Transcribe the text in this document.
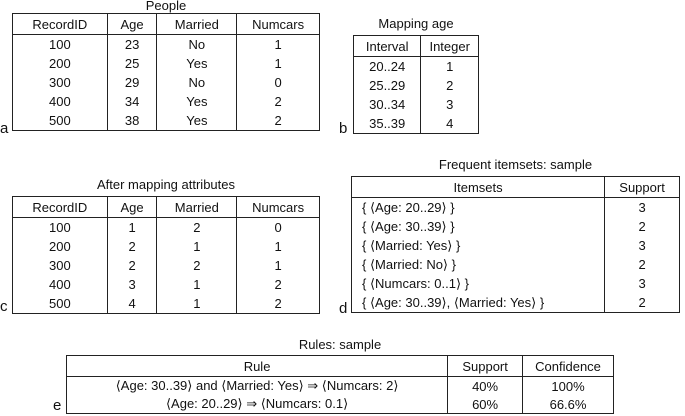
People
RecordID	Age	Married	Numcars
100	23	No	1
200	25	Yes	1
300	29	No	0
400	34	Yes	2
500	38	Yes	2
a
Mapping age
Interval	Integer
20..24	1
25..29	2
30..34	3
35..39	4
b
After mapping attributes
RecordID	Age	Married	Numcars
100	1	2	0
200	2	1	1
300	2	2	1
400	3	1	2
500	4	1	2
c
Frequent itemsets: sample
Itemsets	Support
{ ⟨Age: 20..29⟩ }	3
{ ⟨Age: 30..39⟩ }	2
{ ⟨Married: Yes⟩ }	3
{ ⟨Married: No⟩ }	2
{ ⟨Numcars: 0..1⟩ }	3
{ ⟨Age: 30..39⟩, ⟨Married: Yes⟩ }	2
d
Rules: sample
Rule	Support	Confidence
⟨Age: 30..39⟩ and ⟨Married: Yes⟩ ⇒ ⟨Numcars: 2⟩	40%	100%
⟨Age: 20..29⟩ ⇒ ⟨Numcars: 0.1⟩	60%	66.6%
e
